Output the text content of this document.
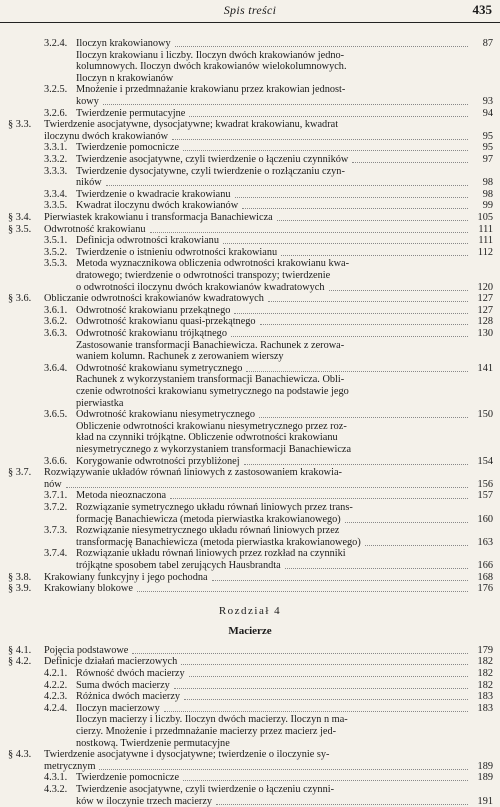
Spis treści	435
3.2.4. Iloczyn krakowianowy	87
Iloczyn krakowianu i liczby. Iloczyn dwóch krakowianów jedno-
kolumnowych. Iloczyn dwóch krakowianów wielokolumnowych.
Iloczyn n krakowianów
3.2.5. Mnożenie i przedmnażanie krakowianu przez krakowian jednost-
kowy	93
3.2.6. Twierdzenie permutacyjne	94
§ 3.3. Twierdzenie asocjatywne, dysocjatywne; kwadrat krakowianu, kwadrat
iloczynu dwóch krakowianów	95
3.3.1. Twierdzenie pomocnicze	95
3.3.2. Twierdzenie asocjatywne, czyli twierdzenie o łączeniu czynników	97
3.3.3. Twierdzenie dysocjatywne, czyli twierdzenie o rozłączaniu czyn-
ników	98
3.3.4. Twierdzenie o kwadracie krakowianu	98
3.3.5. Kwadrat iloczynu dwóch krakowianów	99
§ 3.4. Pierwiastek krakowianu i transformacja Banachiewicza	105
§ 3.5. Odwrotność krakowianu	111
3.5.1. Definicja odwrotności krakowianu	111
3.5.2. Twierdzenie o istnieniu odwrotności krakowianu	112
3.5.3. Metoda wyznacznikowa obliczenia odwrotności krakowianu kwa-
dratowego; twierdzenie o odwrotności transpozy; twierdzenie
o odwrotności iloczynu dwóch krakowianów kwadratowych	120
§ 3.6. Obliczanie odwrotności krakowianów kwadratowych	127
3.6.1. Odwrotność krakowianu przekątnego	127
3.6.2. Odwrotność krakowianu quasi-przekątnego	128
3.6.3. Odwrotność krakowianu trójkątnego	130
Zastosowanie transformacji Banachiewicza. Rachunek z zerowa-
waniem kolumn. Rachunek z zerowaniem wierszy
3.6.4. Odwrotność krakowianu symetrycznego	141
Rachunek z wykorzystaniem transformacji Banachiewicza. Obli-
czenie odwrotności krakowianu symetrycznego na podstawie jego
pierwiastka
3.6.5. Odwrotność krakowianu niesymetrycznego	150
Obliczenie odwrotności krakowianu niesymetrycznego przez roz-
kład na czynniki trójkątne. Obliczenie odwrotności krakowianu
niesymetrycznego z wykorzystaniem transformacji Banachiewicza
3.6.6. Korygowanie odwrotności przybliżonej	154
§ 3.7. Rozwiązywanie układów równań liniowych z zastosowaniem krakowia-
nów	156
3.7.1. Metoda nieoznaczona	157
3.7.2. Rozwiązanie symetrycznego układu równań liniowych przez trans-
formację Banachiewicza (metoda pierwiastka krakowianowego)	160
3.7.3. Rozwiązanie niesymetrycznego układu równań liniowych przez
transformację Banachiewicza (metoda pierwiastka krakowianowego)	163
3.7.4. Rozwiązanie układu równań liniowych przez rozkład na czynniki
trójkątne sposobem tabel zerujących Hausbrandta	166
§ 3.8. Krakowiany funkcyjny i jego pochodna	168
§ 3.9. Krakowiany blokowe	176
Rozdział 4
Macierze
§ 4.1. Pojęcia podstawowe	179
§ 4.2. Definicje działań macierzowych	182
4.2.1. Równość dwóch macierzy	182
4.2.2. Suma dwóch macierzy	182
4.2.3. Różnica dwóch macierzy	183
4.2.4. Iloczyn macierzowy	183
Iloczyn macierzy i liczby. Iloczyn dwóch macierzy. Iloczyn n ma-
cierzy. Mnożenie i przedmnażanie macierzy przez macierz jed-
nostkową. Twierdzenie permutacyjne
§ 4.3. Twierdzenie asocjatywne i dysocjatywne; twierdzenie o iloczynie sy-
metrycznym	189
4.3.1. Twierdzenie pomocnicze	189
4.3.2. Twierdzenie asocjatywne, czyli twierdzenie o łączeniu czynni-
ków w iloczynie trzech macierzy	191
